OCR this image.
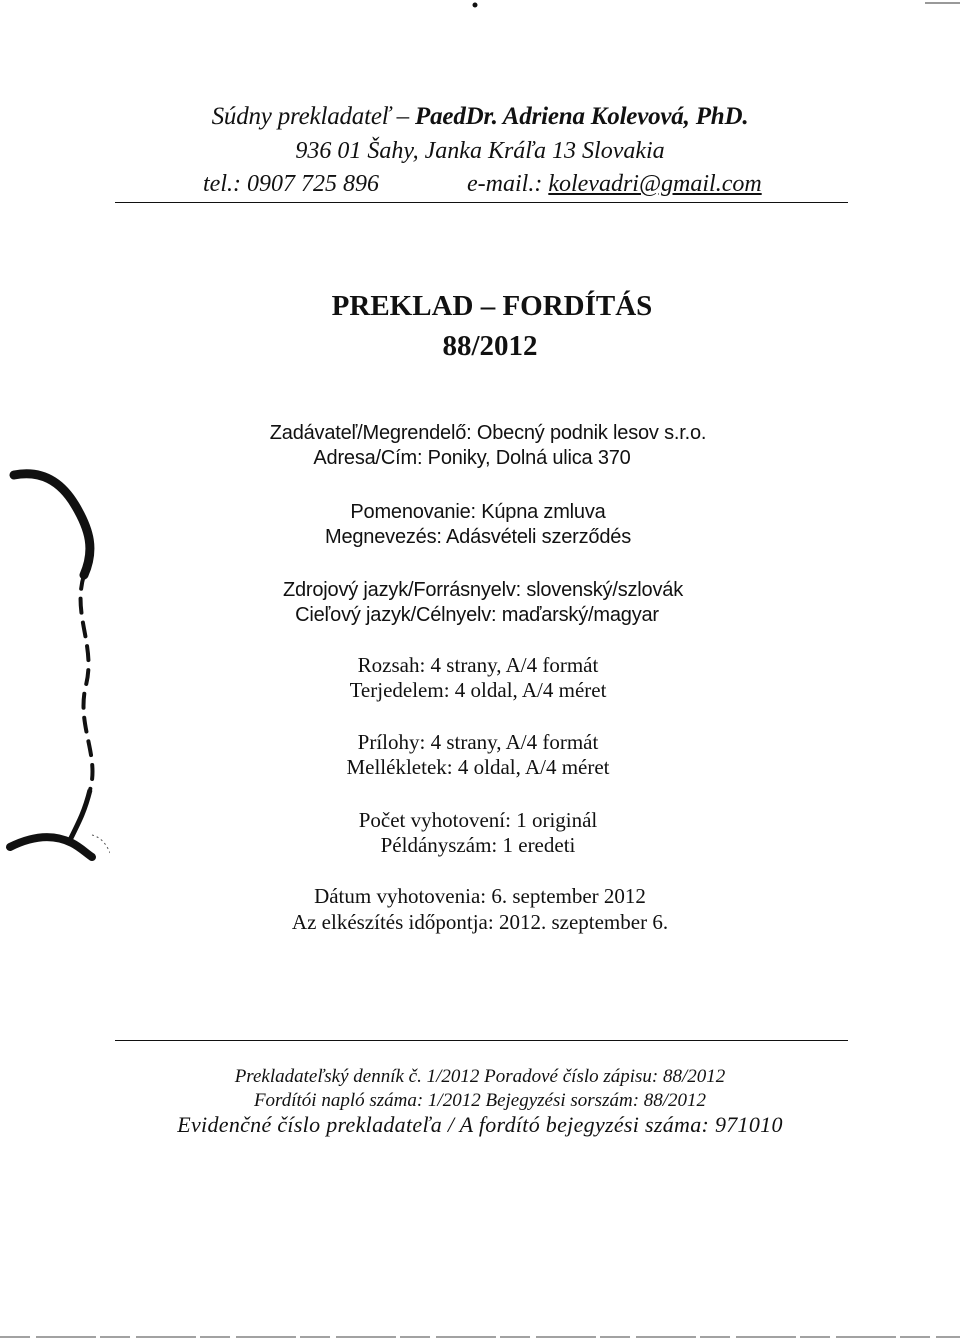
Súdny prekladateľ – PaedDr. Adriena Kolevová, PhD.
936 01 Šahy, Janka Kráľa 13 Slovakia
tel.: 0907 725 896	e-mail.: kolevadri@gmail.com
PREKLAD – FORDÍTÁS
88/2012
Zadávateľ/Megrendelő: Obecný podnik lesov s.r.o.
Adresa/Cím: Poniky, Dolná ulica 370
Pomenovanie: Kúpna zmluva
Megnevezés: Adásvételi szerződés
Zdrojový jazyk/Forrásnyelv: slovenský/szlovák
Cieľový jazyk/Célnyelv: maďarský/magyar
Rozsah: 4 strany, A/4 formát
Terjedelem: 4 oldal, A/4 méret
Prílohy: 4 strany, A/4 formát
Mellékletek: 4 oldal, A/4 méret
Počet vyhotovení: 1 originál
Példányszám: 1 eredeti
Dátum vyhotovenia: 6. september 2012
Az elkészítés időpontja: 2012. szeptember 6.
Prekladateľský denník č. 1/2012 Poradové číslo zápisu: 88/2012
Fordítói napló száma: 1/2012 Bejegyzési sorszám: 88/2012
Evidenčné číslo prekladateľa / A fordító bejegyzési száma: 971010
